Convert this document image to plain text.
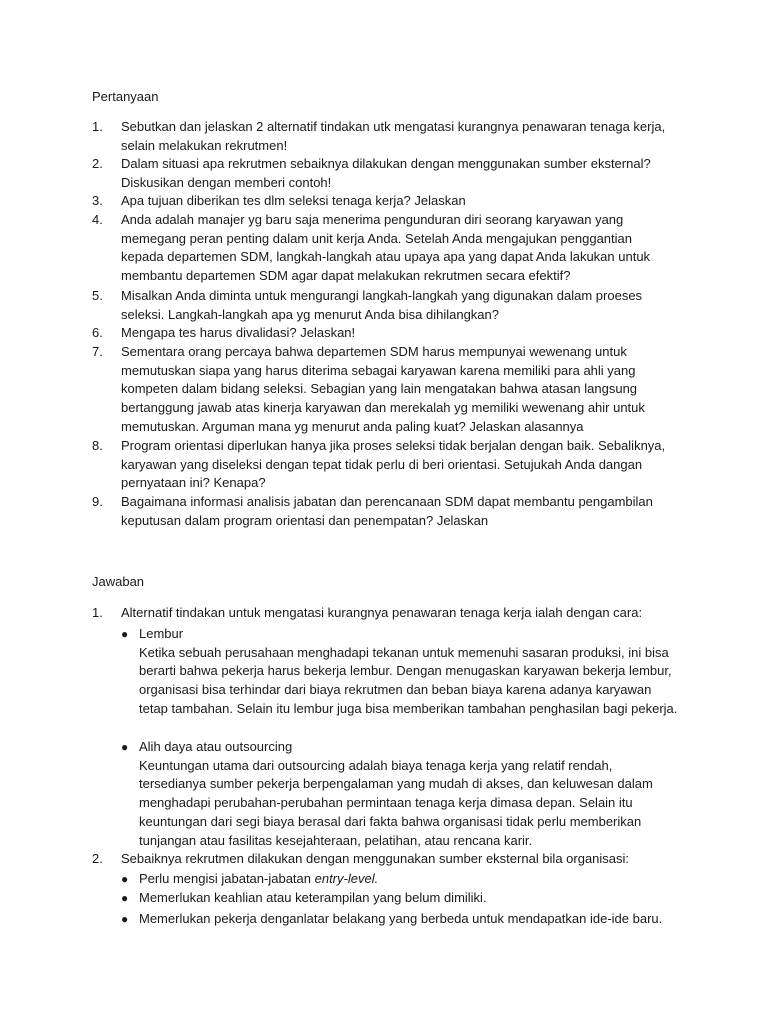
Pertanyaan
1.	Sebutkan dan jelaskan 2 alternatif tindakan utk mengatasi kurangnya penawaran tenaga kerja, selain melakukan rekrutmen!
2.	Dalam situasi apa rekrutmen sebaiknya dilakukan dengan menggunakan sumber eksternal? Diskusikan dengan memberi contoh!
3.	Apa tujuan diberikan tes dlm seleksi tenaga kerja? Jelaskan
4.	Anda adalah manajer yg baru saja menerima pengunduran diri seorang karyawan yang memegang peran penting dalam unit kerja Anda. Setelah Anda mengajukan penggantian kepada departemen SDM, langkah-langkah atau upaya apa yang dapat Anda lakukan untuk membantu departemen SDM agar dapat melakukan rekrutmen secara efektif?
5.	Misalkan Anda diminta untuk mengurangi langkah-langkah yang digunakan dalam proeses seleksi. Langkah-langkah apa yg menurut Anda bisa dihilangkan?
6.	Mengapa tes harus divalidasi? Jelaskan!
7.	Sementara orang percaya bahwa departemen SDM harus mempunyai wewenang untuk memutuskan siapa yang harus diterima sebagai karyawan karena memiliki para ahli yang kompeten dalam bidang seleksi. Sebagian yang lain mengatakan bahwa atasan langsung bertanggung jawab atas kinerja karyawan dan merekalah yg memiliki wewenang ahir untuk memutuskan. Arguman mana yg menurut anda paling kuat? Jelaskan alasannya
8.	Program orientasi diperlukan hanya jika proses seleksi tidak berjalan dengan baik. Sebaliknya, karyawan yang diseleksi dengan tepat tidak perlu di beri orientasi. Setujukah Anda dangan pernyataan ini? Kenapa?
9.	Bagaimana informasi analisis jabatan dan perencanaan SDM dapat membantu pengambilan keputusan dalam program orientasi dan penempatan? Jelaskan
Jawaban
1.	Alternatif tindakan untuk mengatasi kurangnya penawaran tenaga kerja ialah dengan cara:
● Lembur
Ketika sebuah perusahaan menghadapi tekanan untuk memenuhi sasaran produksi, ini bisa berarti bahwa pekerja harus bekerja lembur. Dengan menugaskan karyawan bekerja lembur, organisasi bisa terhindar dari biaya rekrutmen dan beban biaya karena adanya karyawan tetap tambahan. Selain itu lembur juga bisa memberikan tambahan penghasilan bagi pekerja.
● Alih daya atau outsourcing
Keuntungan utama dari outsourcing adalah biaya tenaga kerja yang relatif rendah, tersedianya sumber pekerja berpengalaman yang mudah di akses, dan keluwesan dalam menghadapi perubahan-perubahan permintaan tenaga kerja dimasa depan. Selain itu keuntungan dari segi biaya berasal dari fakta bahwa organisasi tidak perlu memberikan tunjangan atau fasilitas kesejahteraan, pelatihan, atau rencana karir.
2.	Sebaiknya rekrutmen dilakukan dengan menggunakan sumber eksternal bila organisasi:
● Perlu mengisi jabatan-jabatan entry-level.
● Memerlukan keahlian atau keterampilan yang belum dimiliki.
● Memerlukan pekerja denganlatar belakang yang berbeda untuk mendapatkan ide-ide baru.
